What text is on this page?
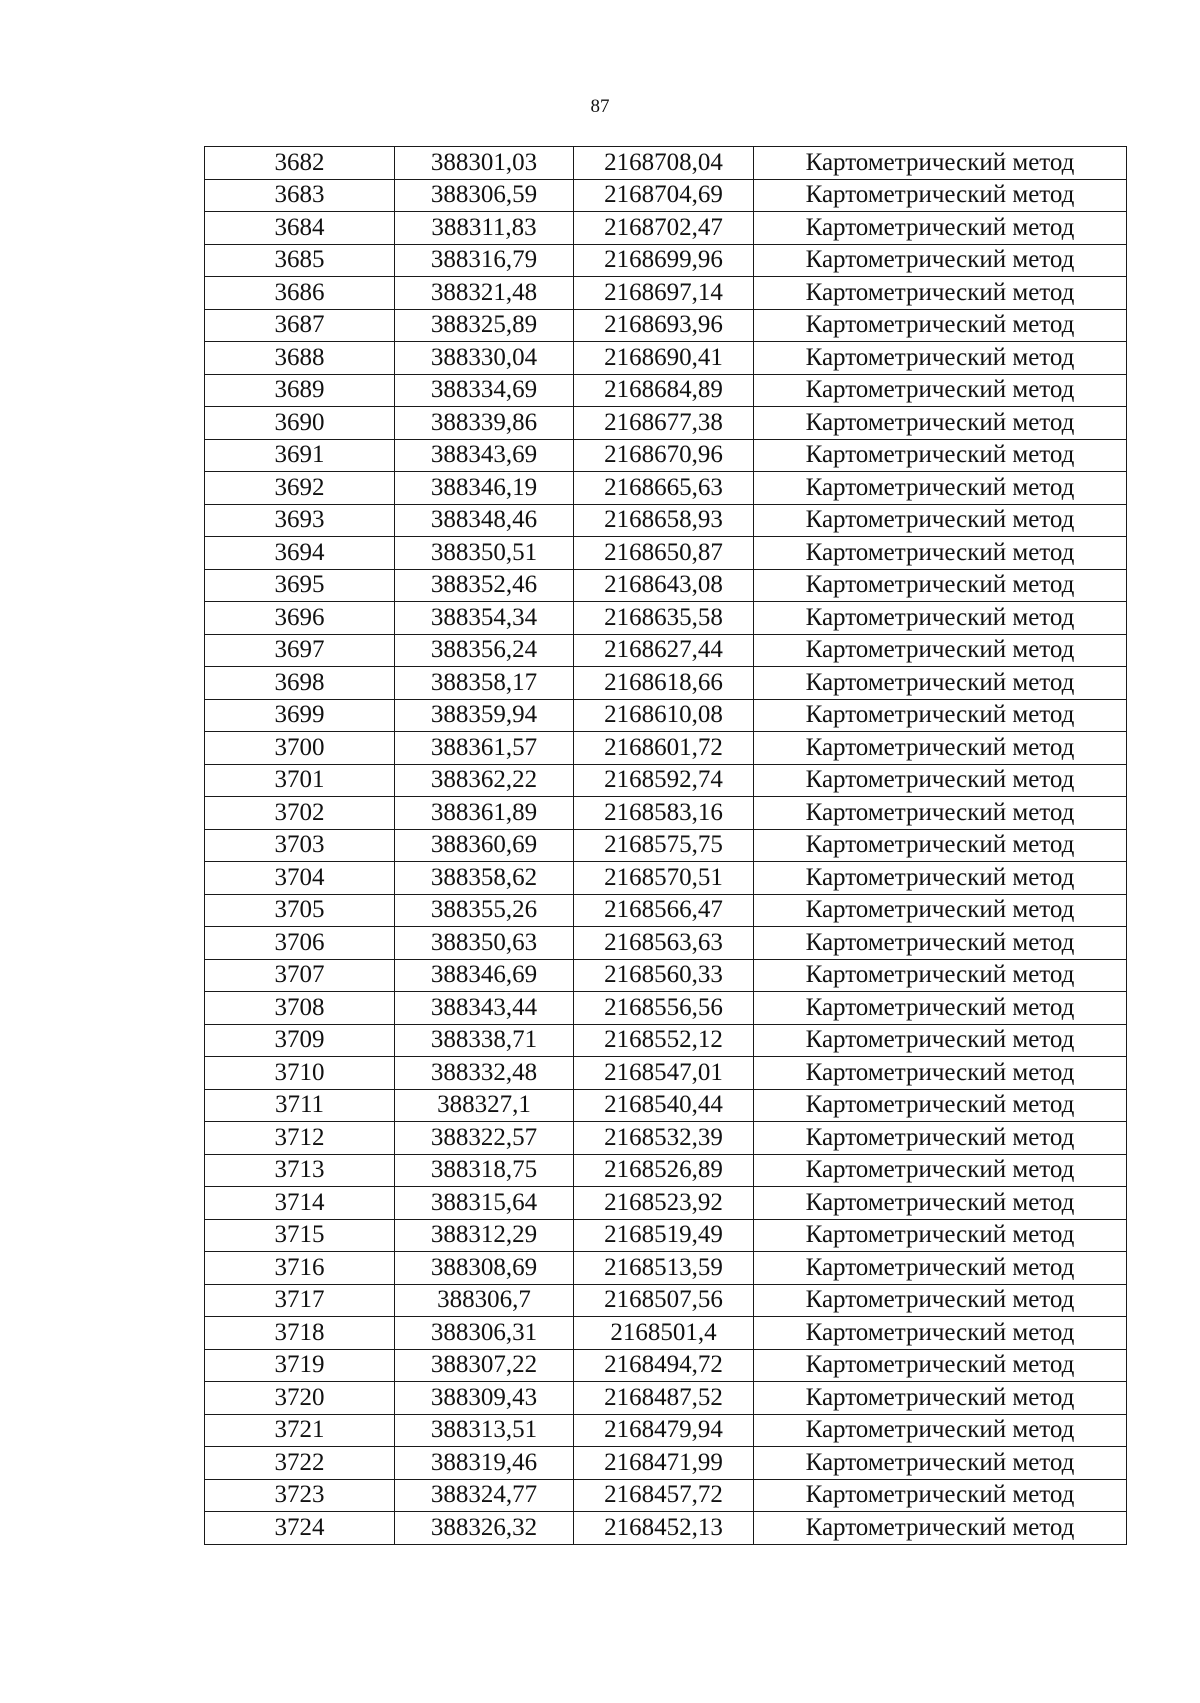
87
3682	388301,03	2168708,04	Картометрический метод
3683	388306,59	2168704,69	Картометрический метод
3684	388311,83	2168702,47	Картометрический метод
3685	388316,79	2168699,96	Картометрический метод
3686	388321,48	2168697,14	Картометрический метод
3687	388325,89	2168693,96	Картометрический метод
3688	388330,04	2168690,41	Картометрический метод
3689	388334,69	2168684,89	Картометрический метод
3690	388339,86	2168677,38	Картометрический метод
3691	388343,69	2168670,96	Картометрический метод
3692	388346,19	2168665,63	Картометрический метод
3693	388348,46	2168658,93	Картометрический метод
3694	388350,51	2168650,87	Картометрический метод
3695	388352,46	2168643,08	Картометрический метод
3696	388354,34	2168635,58	Картометрический метод
3697	388356,24	2168627,44	Картометрический метод
3698	388358,17	2168618,66	Картометрический метод
3699	388359,94	2168610,08	Картометрический метод
3700	388361,57	2168601,72	Картометрический метод
3701	388362,22	2168592,74	Картометрический метод
3702	388361,89	2168583,16	Картометрический метод
3703	388360,69	2168575,75	Картометрический метод
3704	388358,62	2168570,51	Картометрический метод
3705	388355,26	2168566,47	Картометрический метод
3706	388350,63	2168563,63	Картометрический метод
3707	388346,69	2168560,33	Картометрический метод
3708	388343,44	2168556,56	Картометрический метод
3709	388338,71	2168552,12	Картометрический метод
3710	388332,48	2168547,01	Картометрический метод
3711	388327,1	2168540,44	Картометрический метод
3712	388322,57	2168532,39	Картометрический метод
3713	388318,75	2168526,89	Картометрический метод
3714	388315,64	2168523,92	Картометрический метод
3715	388312,29	2168519,49	Картометрический метод
3716	388308,69	2168513,59	Картометрический метод
3717	388306,7	2168507,56	Картометрический метод
3718	388306,31	2168501,4	Картометрический метод
3719	388307,22	2168494,72	Картометрический метод
3720	388309,43	2168487,52	Картометрический метод
3721	388313,51	2168479,94	Картометрический метод
3722	388319,46	2168471,99	Картометрический метод
3723	388324,77	2168457,72	Картометрический метод
3724	388326,32	2168452,13	Картометрический метод
